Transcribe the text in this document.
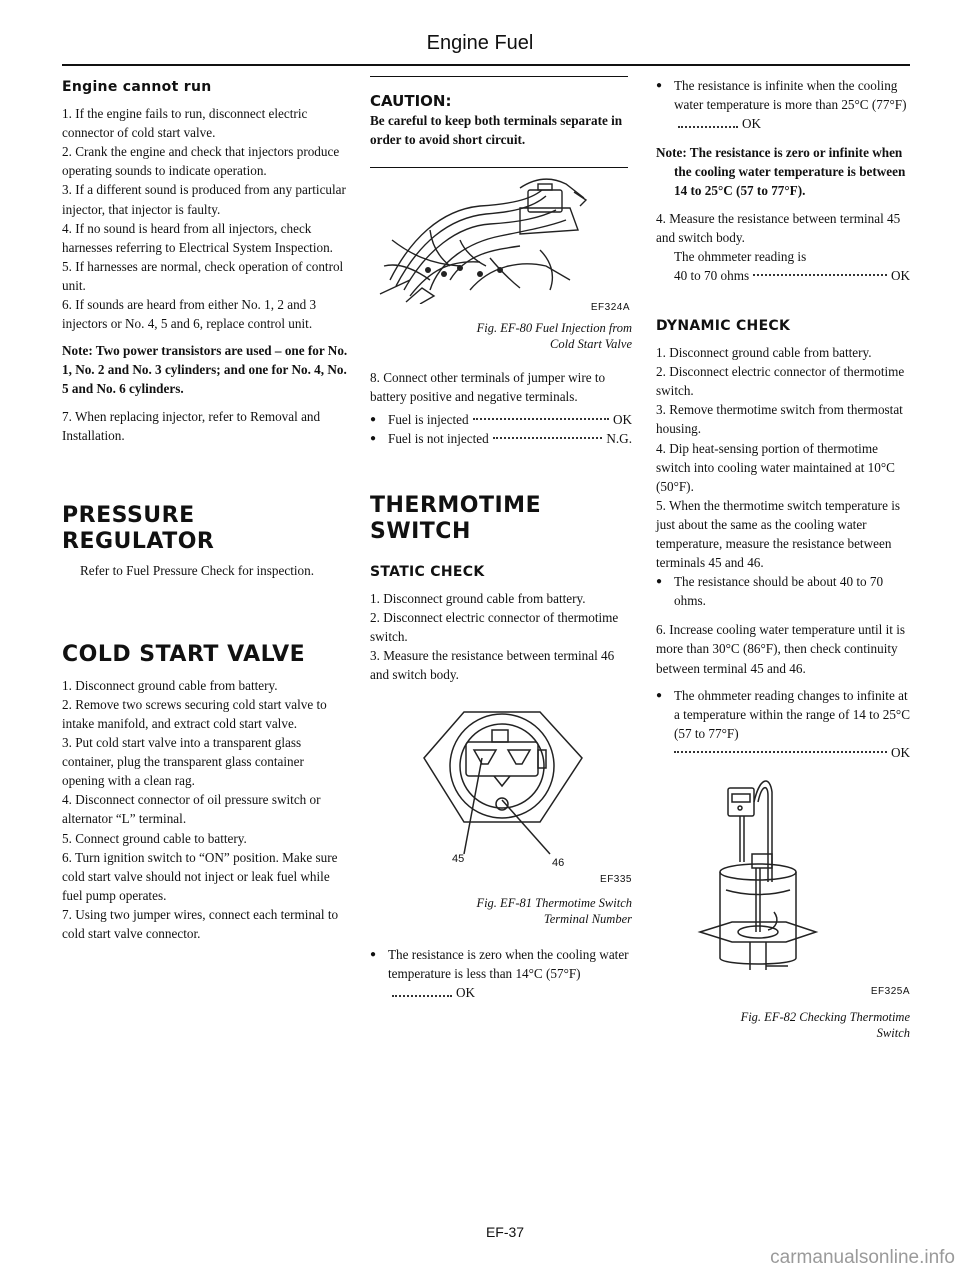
Engine Fuel
Engine cannot run

1. If the engine fails to run, disconnect electric connector of cold start valve.

2. Crank the engine and check that injectors produce operating sounds to indicate operation.

3. If a different sound is produced from any particular injector, that injector is faulty.

4. If no sound is heard from all injectors, check harnesses referring to Electrical System Inspection.

5. If harnesses are normal, check operation of control unit.

6. If sounds are heard from either No. 1, 2 and 3 injectors or No. 4, 5 and 6, replace control unit.

Note: Two power transistors are used – one for No. 1, No. 2 and No. 3 cylinders; and one for No. 4, No. 5 and No. 6 cylinders.

7. When replacing injector, refer to Removal and Installation.

PRESSURE

REGULATOR

Refer to Fuel Pressure Check for inspection.

COLD START VALVE

1. Disconnect ground cable from battery.

2. Remove two screws securing cold start valve to intake manifold, and extract cold start valve.

3. Put cold start valve into a transparent glass container, plug the transparent glass container opening with a clean rag.

4. Disconnect connector of oil pressure switch or alternator “L” terminal.

5. Connect ground cable to battery.

6. Turn ignition switch to “ON” position. Make sure cold start valve should not inject or leak fuel while fuel pump operates.

7. Using two jumper wires, connect each terminal to cold start valve connector.

CAUTION:

Be careful to keep both terminals separate in order to avoid short circuit.

EF324A
Fig. EF-80 Fuel Injection from
Cold Start Valve

8. Connect other terminals of jumper wire to battery positive and negative terminals.

● Fuel is injected	OK
● Fuel is not injected	N.G.

THERMOTIME

SWITCH

STATIC CHECK

1. Disconnect ground cable from battery.

2. Disconnect electric connector of thermotime switch.

3. Measure the resistance between terminal 46 and switch body.

45	46
EF335
Fig. EF-81 Thermotime Switch
Terminal Number
● The resistance is zero when the cooling water temperature is less than 14°C (57°F)OK
● The resistance is infinite when the cooling water temperature is more than 25°C (77°F)OK

Note: The resistance is zero or infinite when the cooling water temperature is between 14 to 25°C (57 to 77°F).

4. Measure the resistance between terminal 45 and switch body.

The ohmmeter reading is

40 to 70 ohms	OK
DYNAMIC CHECK

1. Disconnect ground cable from battery.

2. Disconnect electric connector of thermotime switch.

3. Remove thermotime switch from thermostat housing.

4. Dip heat-sensing portion of thermotime switch into cooling water maintained at 10°C (50°F).

5. When the thermotime switch temperature is just about the same as the cooling water temperature, measure the resistance between terminals 45 and 46.

● The resistance should be about 40 to 70 ohms.

6. Increase cooling water temperature until it is more than 30°C (86°F), then check continuity between terminal 45 and 46.

● The ohmmeter reading changes to infinite at a temperature within the range of 14 to 25°C (57 to 77°F)
OK
EF325A
Fig. EF-82 Checking Thermotime
Switch
EF-37
carmanualsonline.info
